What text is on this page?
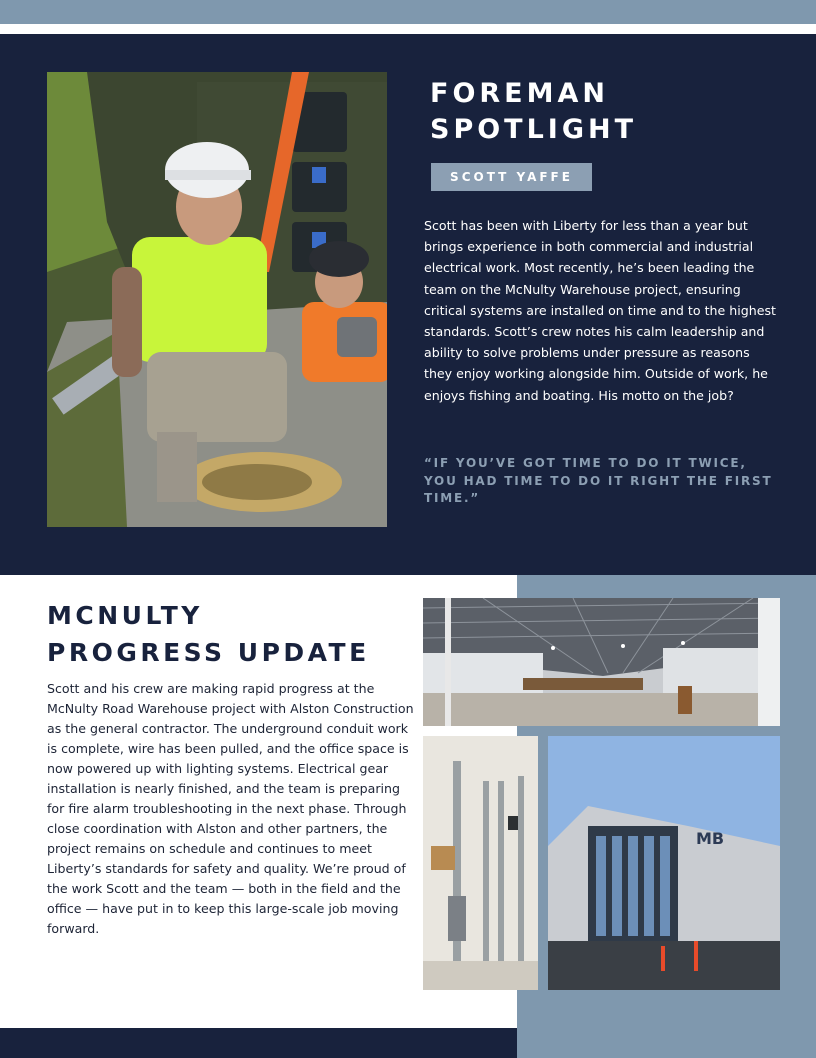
FOREMAN
SPOTLIGHT
SCOTT YAFFE
Scott has been with Liberty for less than a year but brings experience in both commercial and industrial electrical work. Most recently, he’s been leading the team on the McNulty Warehouse project, ensuring critical systems are installed on time and to the highest standards. Scott’s crew notes his calm leadership and ability to solve problems under pressure as reasons they enjoy working alongside him. Outside of work, he enjoys fishing and boating. His motto on the job?
“IF YOU’VE GOT TIME TO DO IT TWICE, YOU HAD TIME TO DO IT RIGHT THE FIRST TIME.”
MCNULTY
PROGRESS UPDATE
Scott and his crew are making rapid progress at the McNulty Road Warehouse project with Alston Construction as the general contractor. The underground conduit work is complete, wire has been pulled, and the office space is now powered up with lighting systems. Electrical gear installation is nearly finished, and the team is preparing for fire alarm troubleshooting in the next phase. Through close coordination with Alston and other partners, the project remains on schedule and continues to meet Liberty’s standards for safety and quality. We’re proud of the work Scott and the team — both in the field and the office — have put in to keep this large-scale job moving forward.
MB
